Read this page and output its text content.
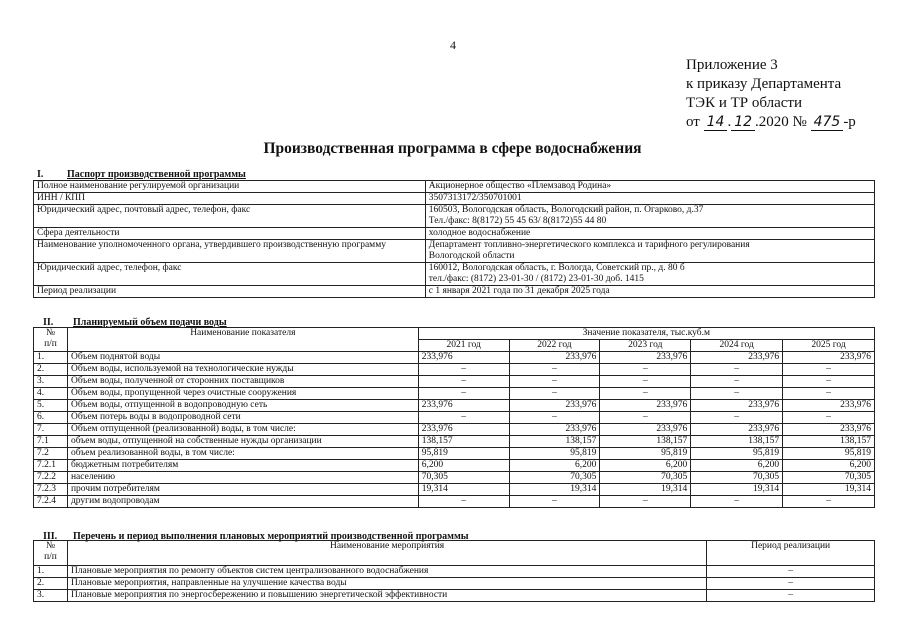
4
Приложение 3
к приказу Департамента
ТЭК и ТР области
от 14 . 12 .2020 № 475 -р
Производственная программа в сфере водоснабжения
I. Паспорт производственной программы
Полное наименование регулируемой организации	Акционерное общество «Племзавод Родина»

ИНН / КПП	3507313172/350701001

Юридический адрес, почтовый адрес, телефон, факс	160503, Вологодская область, Вологодский район, п. Огарково, д.37
Тел./факс: 8(8172) 55 45 63/ 8(8172)55 44 80

Сфера деятельности	холодное водоснабжение

Наименование уполномоченного органа, утвердившего производственную программу	Департамент топливно-энергетического комплекса и тарифного регулирования
Вологодской области

Юридический адрес, телефон, факс	160012, Вологодская область, г. Вологда, Советский пр., д. 80 б
тел./факс: (8172) 23-01-30 / (8172) 23-01-30 доб. 1415

Период реализации	с 1 января 2021 года по 31 декабря 2025 года
II. Планируемый объем подачи воды
№
п/п	Наименование показателя	Значение показателя, тыс.куб.м				
		2021 год	2022 год	2023 год	2024 год	2025 год
1.	Объем поднятой воды	233,976	233,976	233,976	233,976	233,976
2.	Объем воды, используемой на технологические нужды	–	–	–	–	–
3.	Объем воды, полученной от сторонних поставщиков	–	–	–	–	–
4.	Объем воды, пропущенной через очистные сооружения	–	–	–	–	–
5.	Объем воды, отпущенной в водопроводную сеть	233,976	233,976	233,976	233,976	233,976
6.	Объем потерь воды в водопроводной сети	–	–	–	–	–
7.	Объем отпущенной (реализованной) воды, в том числе:	233,976	233,976	233,976	233,976	233,976
7.1	объем воды, отпущенной на собственные нужды организации	138,157	138,157	138,157	138,157	138,157
7.2	объем реализованной воды, в том числе:	95,819	95,819	95,819	95,819	95,819
7.2.1	бюджетным потребителям	6,200	6,200	6,200	6,200	6,200
7.2.2	населению	70,305	70,305	70,305	70,305	70,305
7.2.3	прочим потребителям	19,314	19,314	19,314	19,314	19,314
7.2.4	другим водопроводам	–	–	–	–	–
III. Перечень и период выполнения плановых мероприятий производственной программы
№
п/п	Наименование мероприятия	Период реализации
1.	Плановые мероприятия по ремонту объектов систем централизованного водоснабжения	–
2.	Плановые мероприятия, направленные на улучшение качества воды	–
3.	Плановые мероприятия по энергосбережению и повышению энергетической эффективности	–
